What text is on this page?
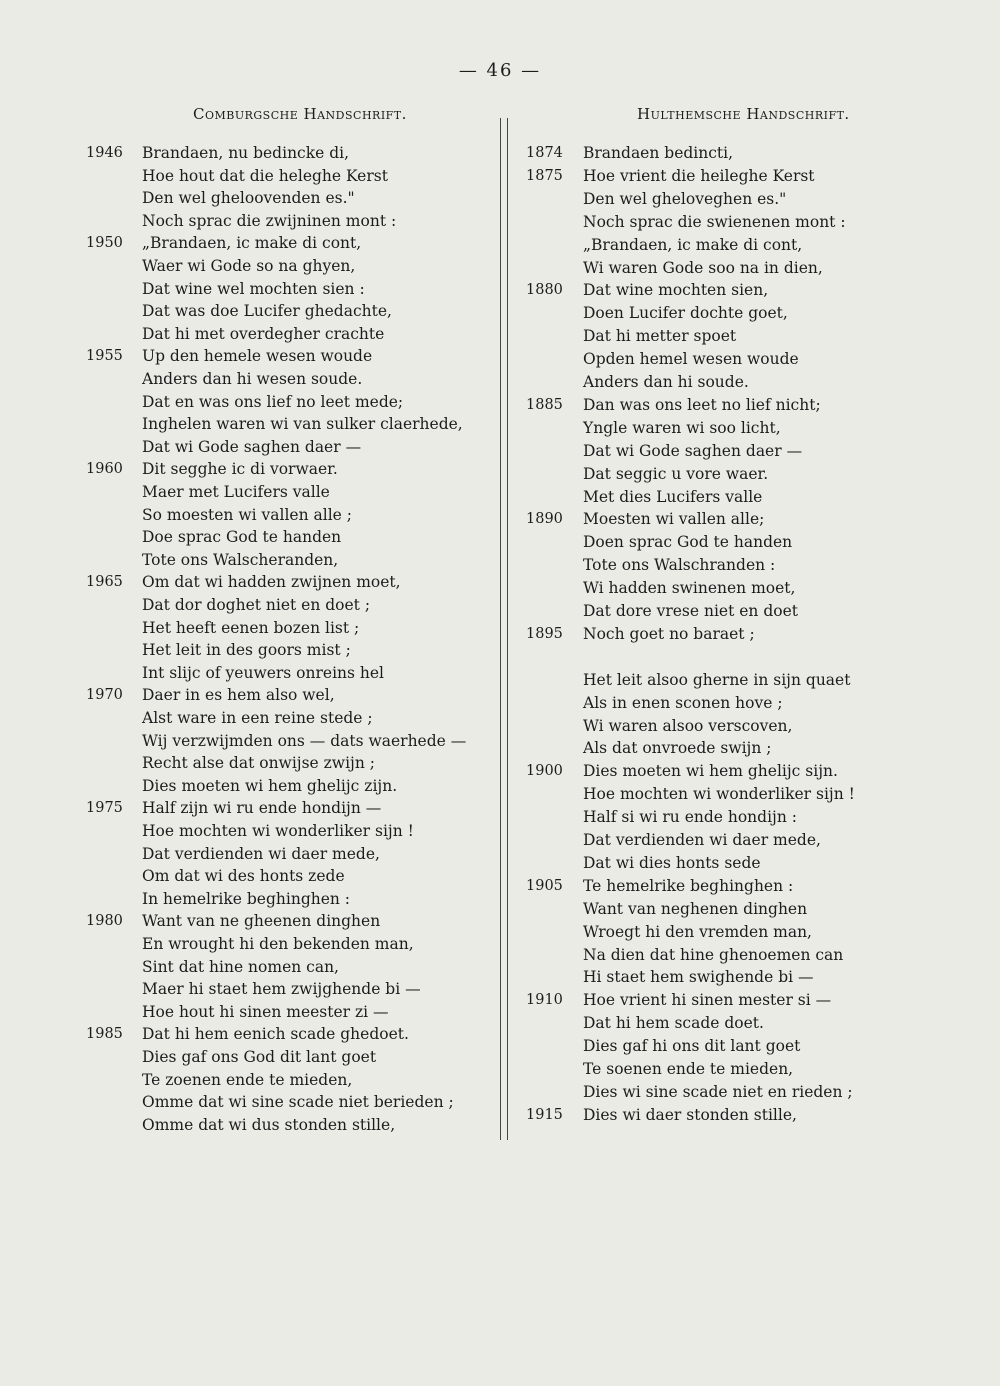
— 46 —
Comburgsche Handschrift.	Hulthemsche Handschrift.
1946 Brandaen, nu bedincke di,
Hoe hout dat die heleghe Kerst
Den wel gheloovenden es."
Noch sprac die zwijninen mont :
1950 „Brandaen, ic make di cont,
Waer wi Gode so na ghyen,
Dat wine wel mochten sien :
Dat was doe Lucifer ghedachte,
Dat hi met overdegher crachte
1955 Up den hemele wesen woude
Anders dan hi wesen soude.
Dat en was ons lief no leet mede;
Inghelen waren wi van sulker claerhede,
Dat wi Gode saghen daer —
1960 Dit segghe ic di vorwaer.
Maer met Lucifers valle
So moesten wi vallen alle ;
Doe sprac God te handen
Tote ons Walscheranden,
1965 Om dat wi hadden zwijnen moet,
Dat dor doghet niet en doet ;
Het heeft eenen bozen list ;
Het leit in des goors mist ;
Int slijc of yeuwers onreins hel
1970 Daer in es hem also wel,
Alst ware in een reine stede ;
Wij verzwijmden ons — dats waerhede —
Recht alse dat onwijse zwijn ;
Dies moeten wi hem ghelijc zijn.
1975 Half zijn wi ru ende hondijn —
Hoe mochten wi wonderliker sijn !
Dat verdienden wi daer mede,
Om dat wi des honts zede
In hemelrike beghinghen :
1980 Want van ne gheenen dinghen
En wrought hi den bekenden man,
Sint dat hine nomen can,
Maer hi staet hem zwijghende bi —
Hoe hout hi sinen meester zi —
1985 Dat hi hem eenich scade ghedoet.
Dies gaf ons God dit lant goet
Te zoenen ende te mieden,
Omme dat wi sine scade niet berieden ;
Omme dat wi dus stonden stille,
1874 Brandaen bedincti,
1875 Hoe vrient die heileghe Kerst
Den wel gheloveghen es."
Noch sprac die swienenen mont :
„Brandaen, ic make di cont,
Wi waren Gode soo na in dien,
1880 Dat wine mochten sien,
Doen Lucifer dochte goet,
Dat hi metter spoet
Opden hemel wesen woude
Anders dan hi soude.
1885 Dan was ons leet no lief nicht;
Yngle waren wi soo licht,
Dat wi Gode saghen daer —
Dat seggic u vore waer.
Met dies Lucifers valle
1890 Moesten wi vallen alle;
Doen sprac God te handen
Tote ons Walschranden :
Wi hadden swinenen moet,
Dat dore vrese niet en doet
1895 Noch goet no baraet ;
Het leit alsoo gherne in sijn quaet
Als in enen sconen hove ;
Wi waren alsoo verscoven,
Als dat onvroede swijn ;
1900 Dies moeten wi hem ghelijc sijn.
Hoe mochten wi wonderliker sijn !
Half si wi ru ende hondijn :
Dat verdienden wi daer mede,
Dat wi dies honts sede
1905 Te hemelrike beghinghen :
Want van neghenen dinghen
Wroegt hi den vremden man,
Na dien dat hine ghenoemen can
Hi staet hem swighende bi —
1910 Hoe vrient hi sinen mester si —
Dat hi hem scade doet.
Dies gaf hi ons dit lant goet
Te soenen ende te mieden,
Dies wi sine scade niet en rieden ;
1915 Dies wi daer stonden stille,
